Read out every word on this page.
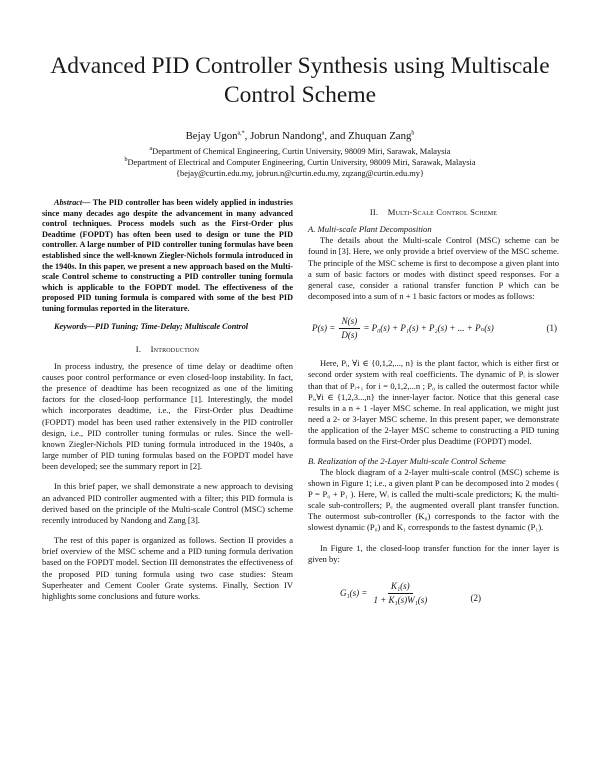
Advanced PID Controller Synthesis using Multiscale Control Scheme
Bejay Ugon$^{a,*}$, Jobrun Nandong$^a$, and Zhuquan Zang$^b$
$^a$Department of Chemical Engineering, Curtin University, 98009 Miri, Sarawak, Malaysia
$^b$Department of Electrical and Computer Engineering, Curtin University, 98009 Miri, Sarawak, Malaysia
{bejay@curtin.edu.my, jobrun.n@curtin.edu.my, zqzang@curtin.edu.my}

Abstract— The PID controller has been widely applied in industries since many decades ago despite the advancement in many advanced control techniques. Process models such as the First-Order plus Deadtime (FOPDT) has often been used to design or tune the PID controller. A large number of PID controller tuning formulas have been established since the well-known Ziegler-Nichols formula introduced in the 1940s. In this paper, we present a new approach based on the Multi-scale Control scheme to constructing a PID controller tuning formula which is applicable to the FOPDT model. The effectiveness of the proposed PID tuning formula is compared with some of the best PID tuning formulas reported in the literature.

Keywords—PID Tuning; Time-Delay; Multiscale Control

I. Introduction

In process industry, the presence of time delay or deadtime often causes poor control performance or even closed-loop instability. In fact, the presence of deadtime has been recognized as one of the limiting factors for the closed-loop performance [1]. Interestingly, the model which incorporates deadtime, i.e., the First-Order plus Deadtime (FOPDT) model has been used rather extensively in the PID controller design, i.e., PID controller tuning formulas or rules. Since the well-known Ziegler-Nichols PID tuning formula introduced in the 1940s, a large number of PID tuning formulas based on the FOPDT model have been developed; see the summary report in [2].

In this brief paper, we shall demonstrate a new approach to devising an advanced PID controller augmented with a filter; this PID formula is derived based on the principle of the Multi-scale Control (MSC) scheme recently introduced by Nandong and Zang [3].

The rest of this paper is organized as follows. Section II provides a brief overview of the MSC scheme and a PID tuning formula derivation based on the FOPDT model. Section III demonstrates the effectiveness of the proposed PID tuning formula using two case studies: Steam Superheater and Cement Cooler Grate systems. Finally, Section IV highlights some conclusions and future works.

II. Multi-Scale Control Scheme

A. Multi-scale Plant Decomposition

The details about the Multi-scale Control (MSC) scheme can be found in [3]. Here, we only provide a brief overview of the MSC scheme. The principle of the MSC scheme is first to decompose a given plant into a sum of basic factors or modes with distinct speed responses. For a general case, consider a rational transfer function P which can be decomposed into a sum of n + 1 basic factors or modes as follows:

$P(s) = \frac{N(s)}{D(s)} = P_0(s) + P_1(s) + P_2(s)$ + ... + Pₙ(s)	(1)

Here, Pᵢ, ∀i ∈ {0,1,2,..., n} is the plant factor, which is either first or second order system with real coefficients. The dynamic of Pᵢ is slower than that of Pᵢ₊₁ for i = 0,1,2,...n ; P₀ is called the outermost factor while Pᵢ,∀i ∈ {1,2,3...,n} the inner-layer factor. Notice that this general case results in a n + 1 -layer MSC scheme. In real application, we might just need a 2- or 3-layer MSC scheme. In this present paper, we demonstrate the application of the 2-layer MSC scheme to constructing a PID tuning formula based on the First-Order plus Deadtime (FOPDT) model.

B. Realization of the 2-Layer Multi-scale Control Scheme

The block diagram of a 2-layer multi-scale control (MSC) scheme is shown in Figure 1; i.e., a given plant P can be decomposed into 2 modes ( P = P₀ + P₁ ). Here, Wᵢ is called the multi-scale predictors; Kᵢ the multi-scale sub-controllers; Pₑ the augmented overall plant transfer function. The outermost sub-controller (K₀) corresponds to the factor with the slowest dynamic (P₀) and K₁ corresponds to the fastest dynamic (P₁).

In Figure 1, the closed-loop transfer function for the inner layer is given by:

$G_1(s) = \frac{\text{K₁(s)}}{\text{1 + K₁(s)W₁(s)}}$	(2)
